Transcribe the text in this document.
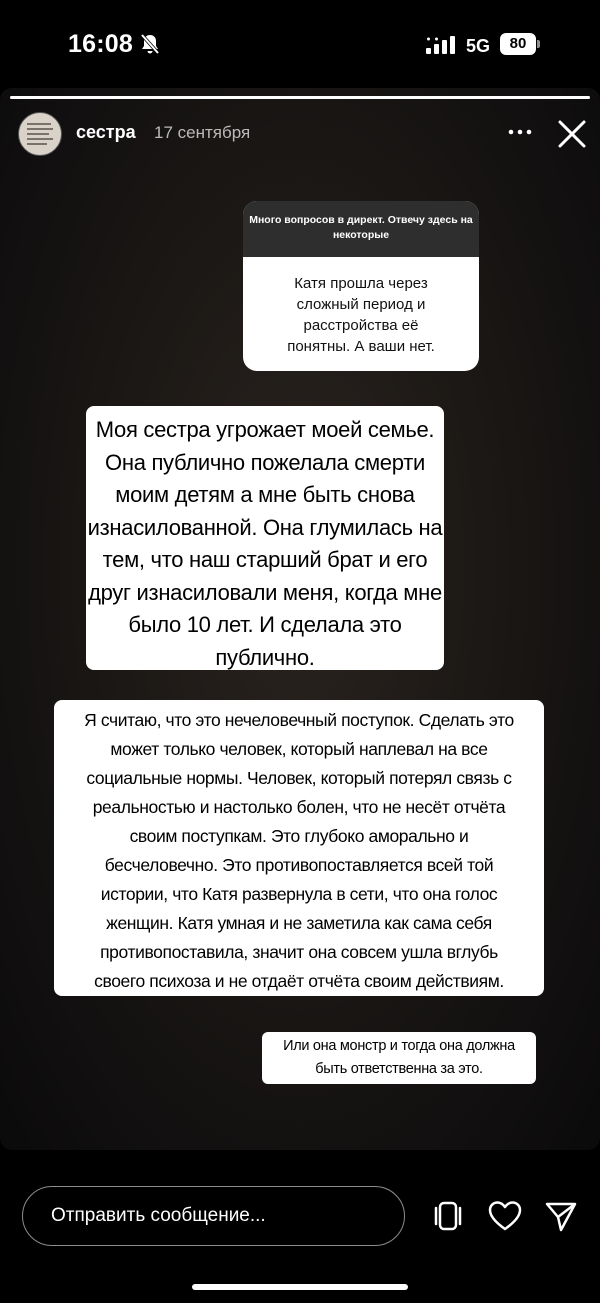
16:08	5G	80
сестра 17 сентября
Много вопросов в директ. Отвечу здесь на некоторые
Катя прошла через
сложный период и
расстройства её
понятны. А ваши нет.
Моя сестра угрожает моей семье.
Она публично пожелала смерти
моим детям а мне быть снова
изнасилованной. Она глумилась на
тем, что наш старший брат и его
друг изнасиловали меня, когда мне
было 10 лет. И сделала это
публично.
Я считаю, что это нечеловечный поступок. Сделать это
может только человек, который наплевал на все
социальные нормы. Человек, который потерял связь с
реальностью и настолько болен, что не несёт отчёта
своим поступкам. Это глубоко аморально и
бесчеловечно. Это противопоставляется всей той
истории, что Катя развернула в сети, что она голос
женщин. Катя умная и не заметила как сама себя
противопоставила, значит она совсем ушла вглубь
своего психоза и не отдаёт отчёта своим действиям.
Или она монстр и тогда она должна
быть ответственна за это.
Отправить сообщение...
